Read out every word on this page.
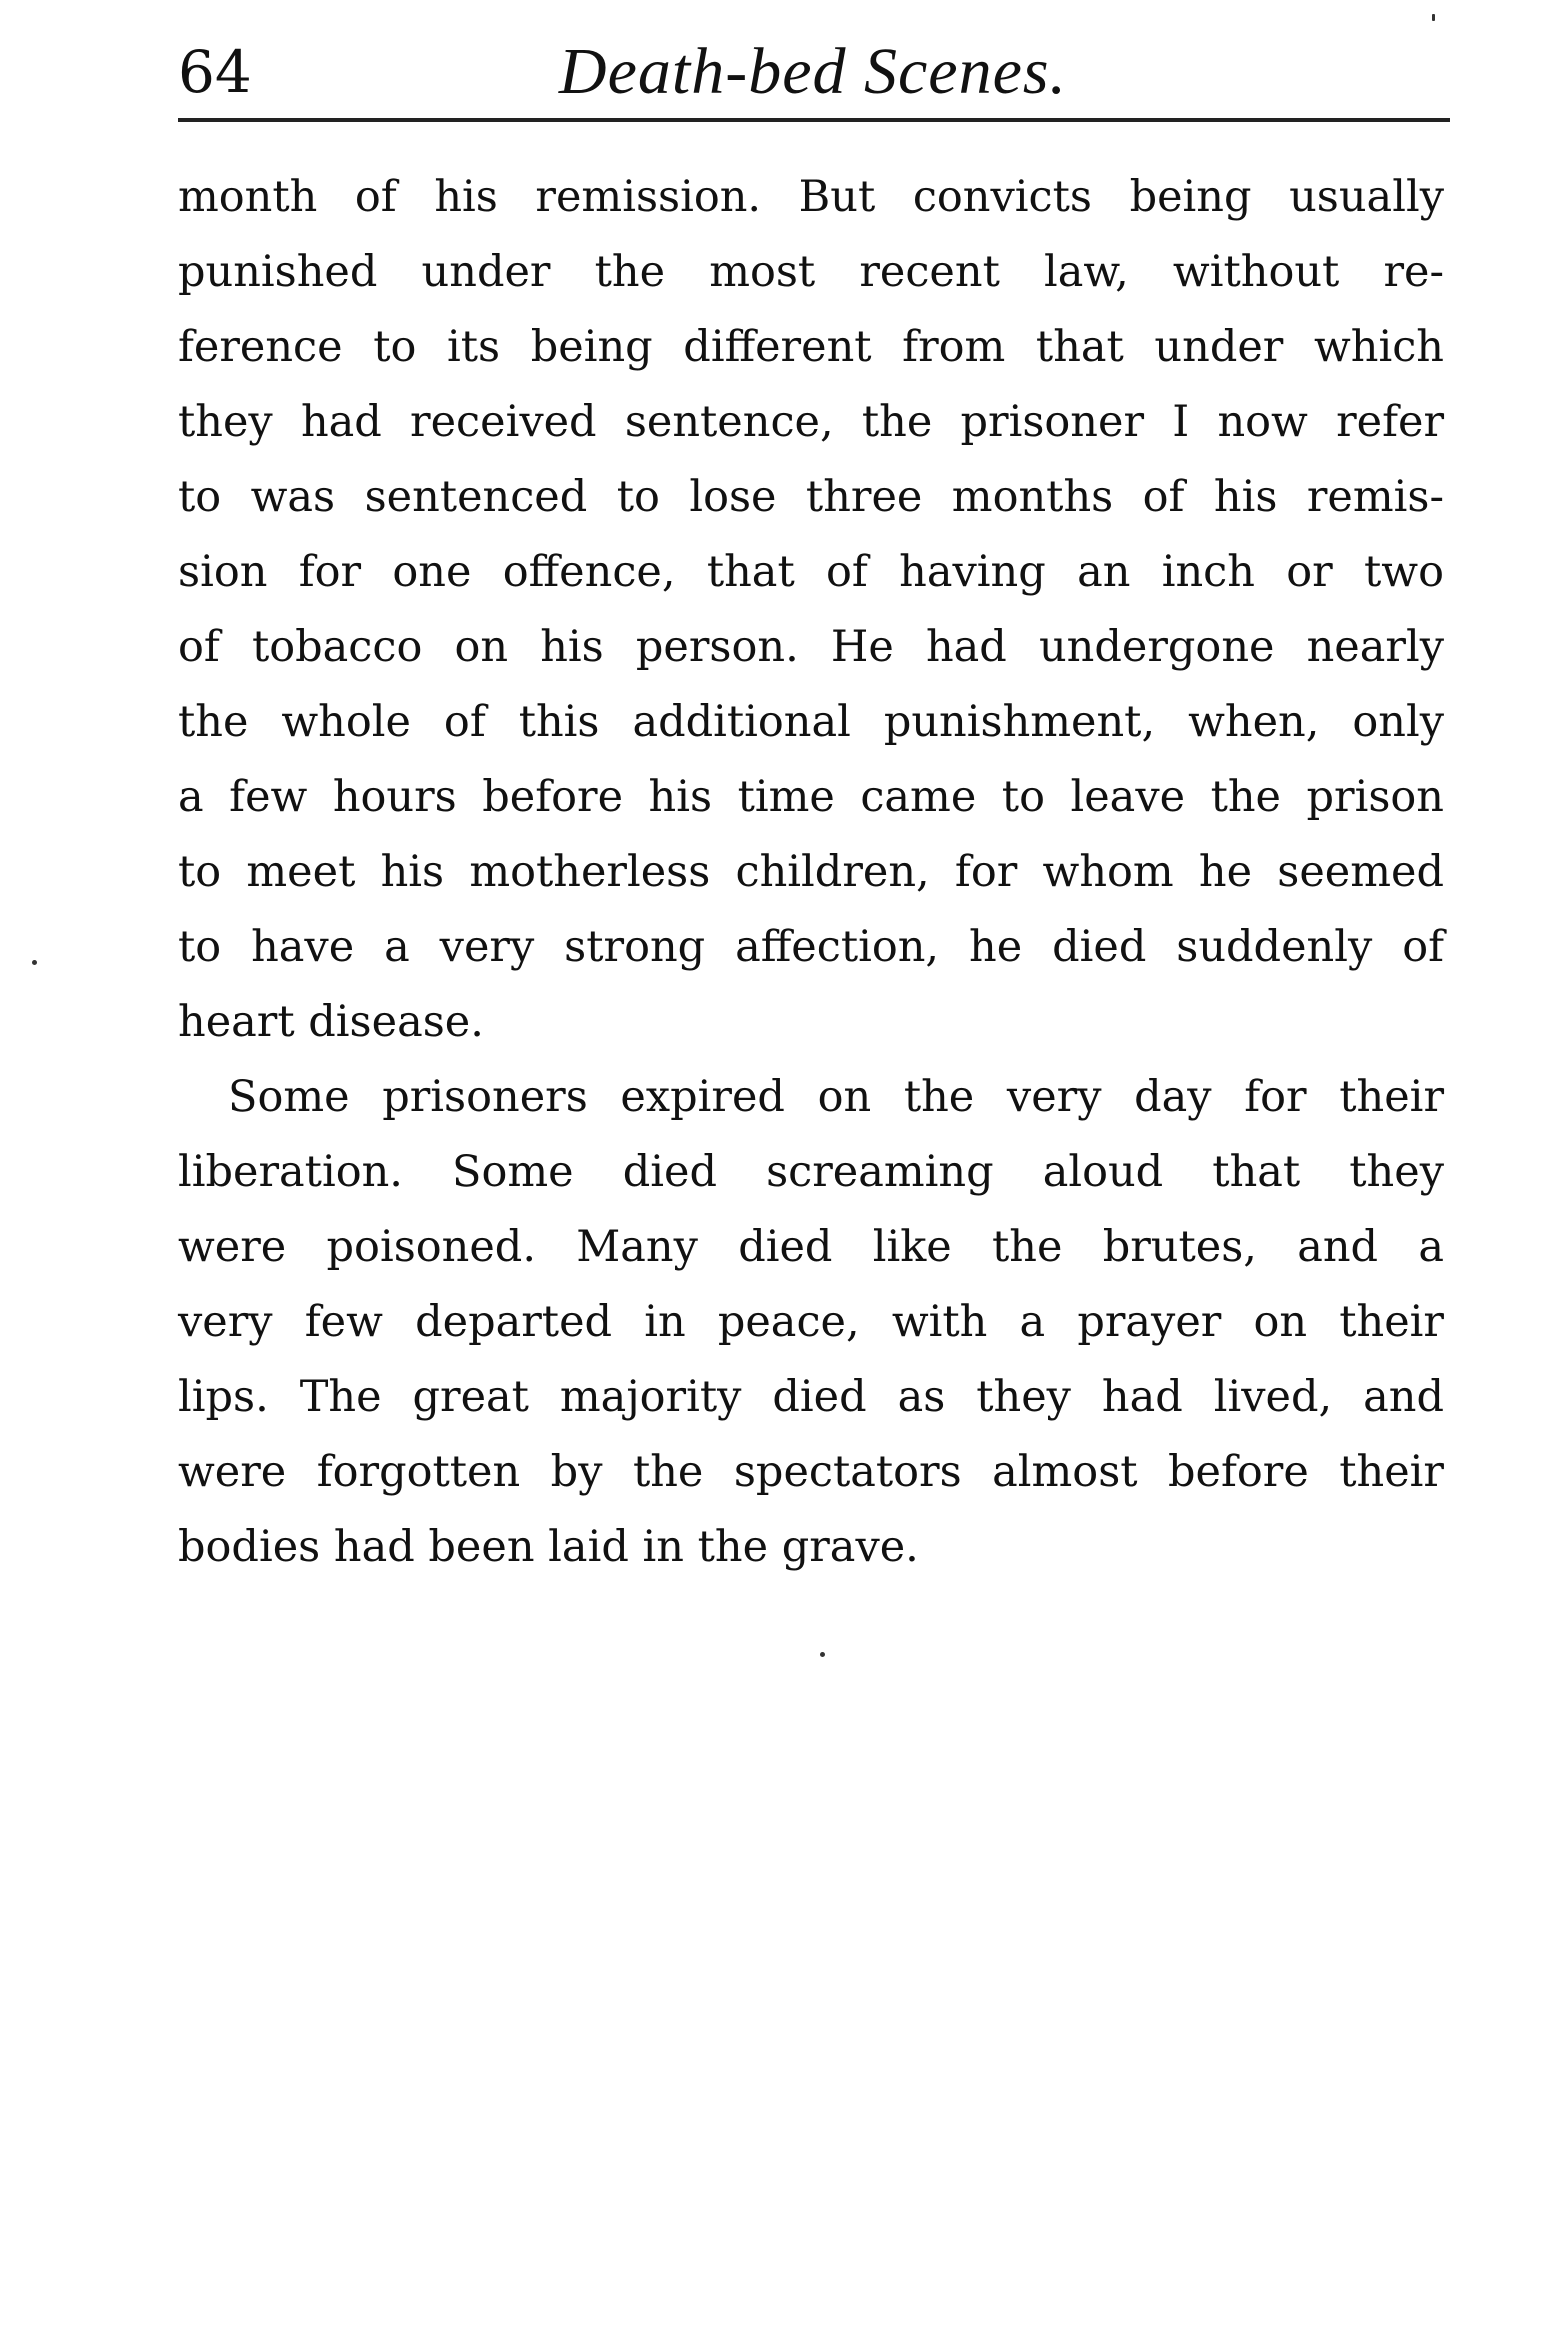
64	Death-bed Scenes.

month of his remission. But convicts being usually
punished under the most recent law, without re-
ference to its being different from that under which
they had received sentence, the prisoner I now refer
to was sentenced to lose three months of his remis-
sion for one offence, that of having an inch or two
of tobacco on his person. He had undergone nearly
the whole of this additional punishment, when, only
a few hours before his time came to leave the prison
to meet his motherless children, for whom he seemed
to have a very strong affection, he died suddenly of
heart disease.

Some prisoners expired on the very day for their
liberation. Some died screaming aloud that they
were poisoned. Many died like the brutes, and a
very few departed in peace, with a prayer on their
lips. The great majority died as they had lived, and
were forgotten by the spectators almost before their
bodies had been laid in the grave.
